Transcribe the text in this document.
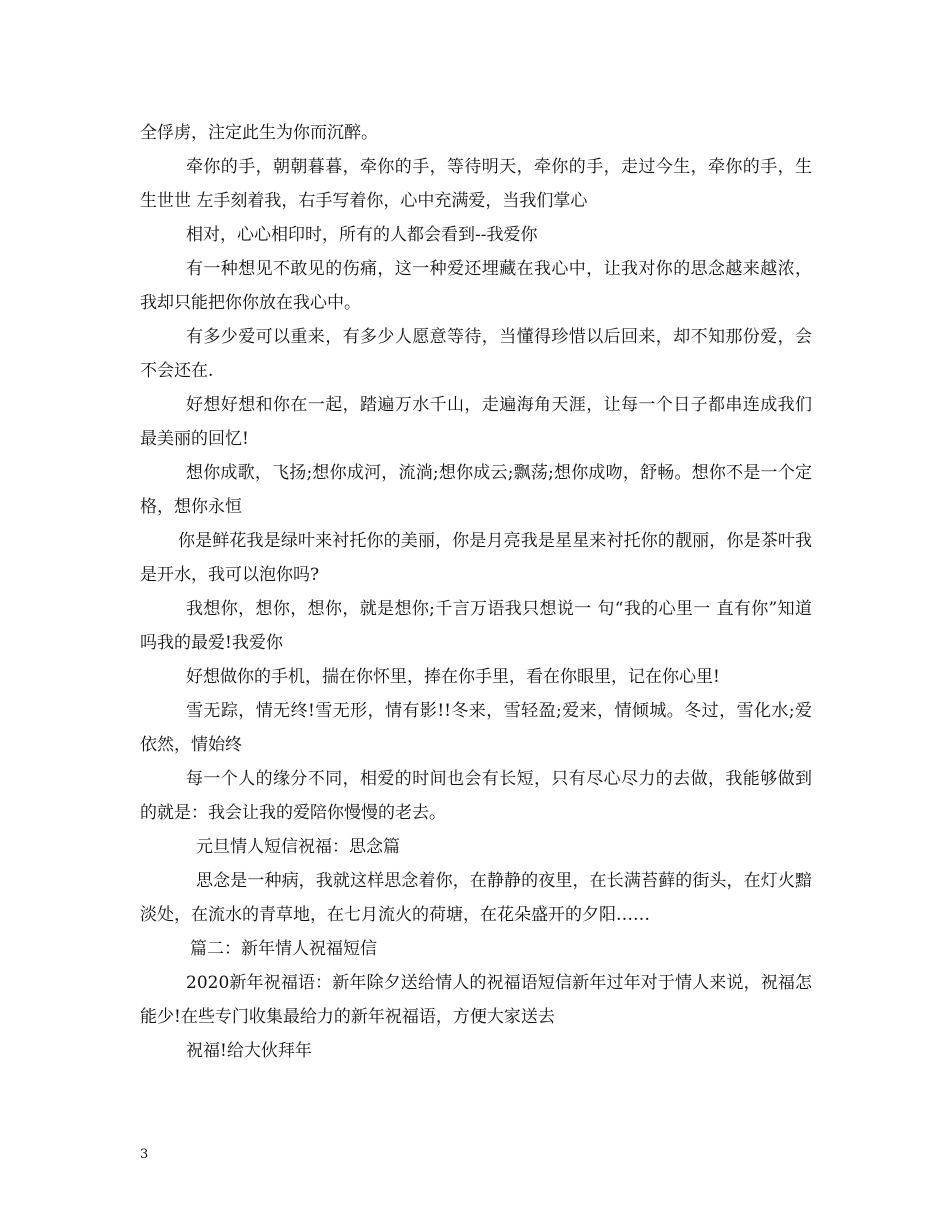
全俘虏，注定此生为你而沉醉。

牵你的手，朝朝暮暮，牵你的手，等待明天，牵你的手，走过今生，牵你的手，生生世世 左手刻着我，右手写着你，心中充满爱，当我们掌心

相对，心心相印时，所有的人都会看到--我爱你

有一种想见不敢见的伤痛，这一种爱还埋藏在我心中，让我对你的思念越来越浓，我却只能把你你放在我心中。

有多少爱可以重来，有多少人愿意等待，当懂得珍惜以后回来，却不知那份爱，会不会还在.

好想好想和你在一起，踏遍万水千山，走遍海角天涯，让每一个日子都串连成我们最美丽的回忆!

想你成歌，飞扬;想你成河，流淌;想你成云;飘荡;想你成吻，舒畅。想你不是一个定格，想你永恒

你是鲜花我是绿叶来衬托你的美丽，你是月亮我是星星来衬托你的靓丽，你是茶叶我是开水，我可以泡你吗?

我想你，想你，想你，就是想你;千言万语我只想说一 句“我的心里一 直有你”知道吗我的最爱!我爱你

好想做你的手机，揣在你怀里，捧在你手里，看在你眼里，记在你心里!

雪无踪，情无终!雪无形，情有影!!冬来，雪轻盈;爱来，情倾城。冬过，雪化水;爱依然，情始终

每一个人的缘分不同，相爱的时间也会有长短，只有尽心尽力的去做，我能够做到的就是：我会让我的爱陪你慢慢的老去。

元旦情人短信祝福：思念篇

思念是一种病，我就这样思念着你，在静静的夜里，在长满苔藓的街头，在灯火黯淡处，在流水的青草地，在七月流火的荷塘，在花朵盛开的夕阳……

篇二：新年情人祝福短信

2020新年祝福语：新年除夕送给情人的祝福语短信新年过年对于情人来说，祝福怎能少!在些专门收集最给力的新年祝福语，方便大家送去

祝福!给大伙拜年

3
